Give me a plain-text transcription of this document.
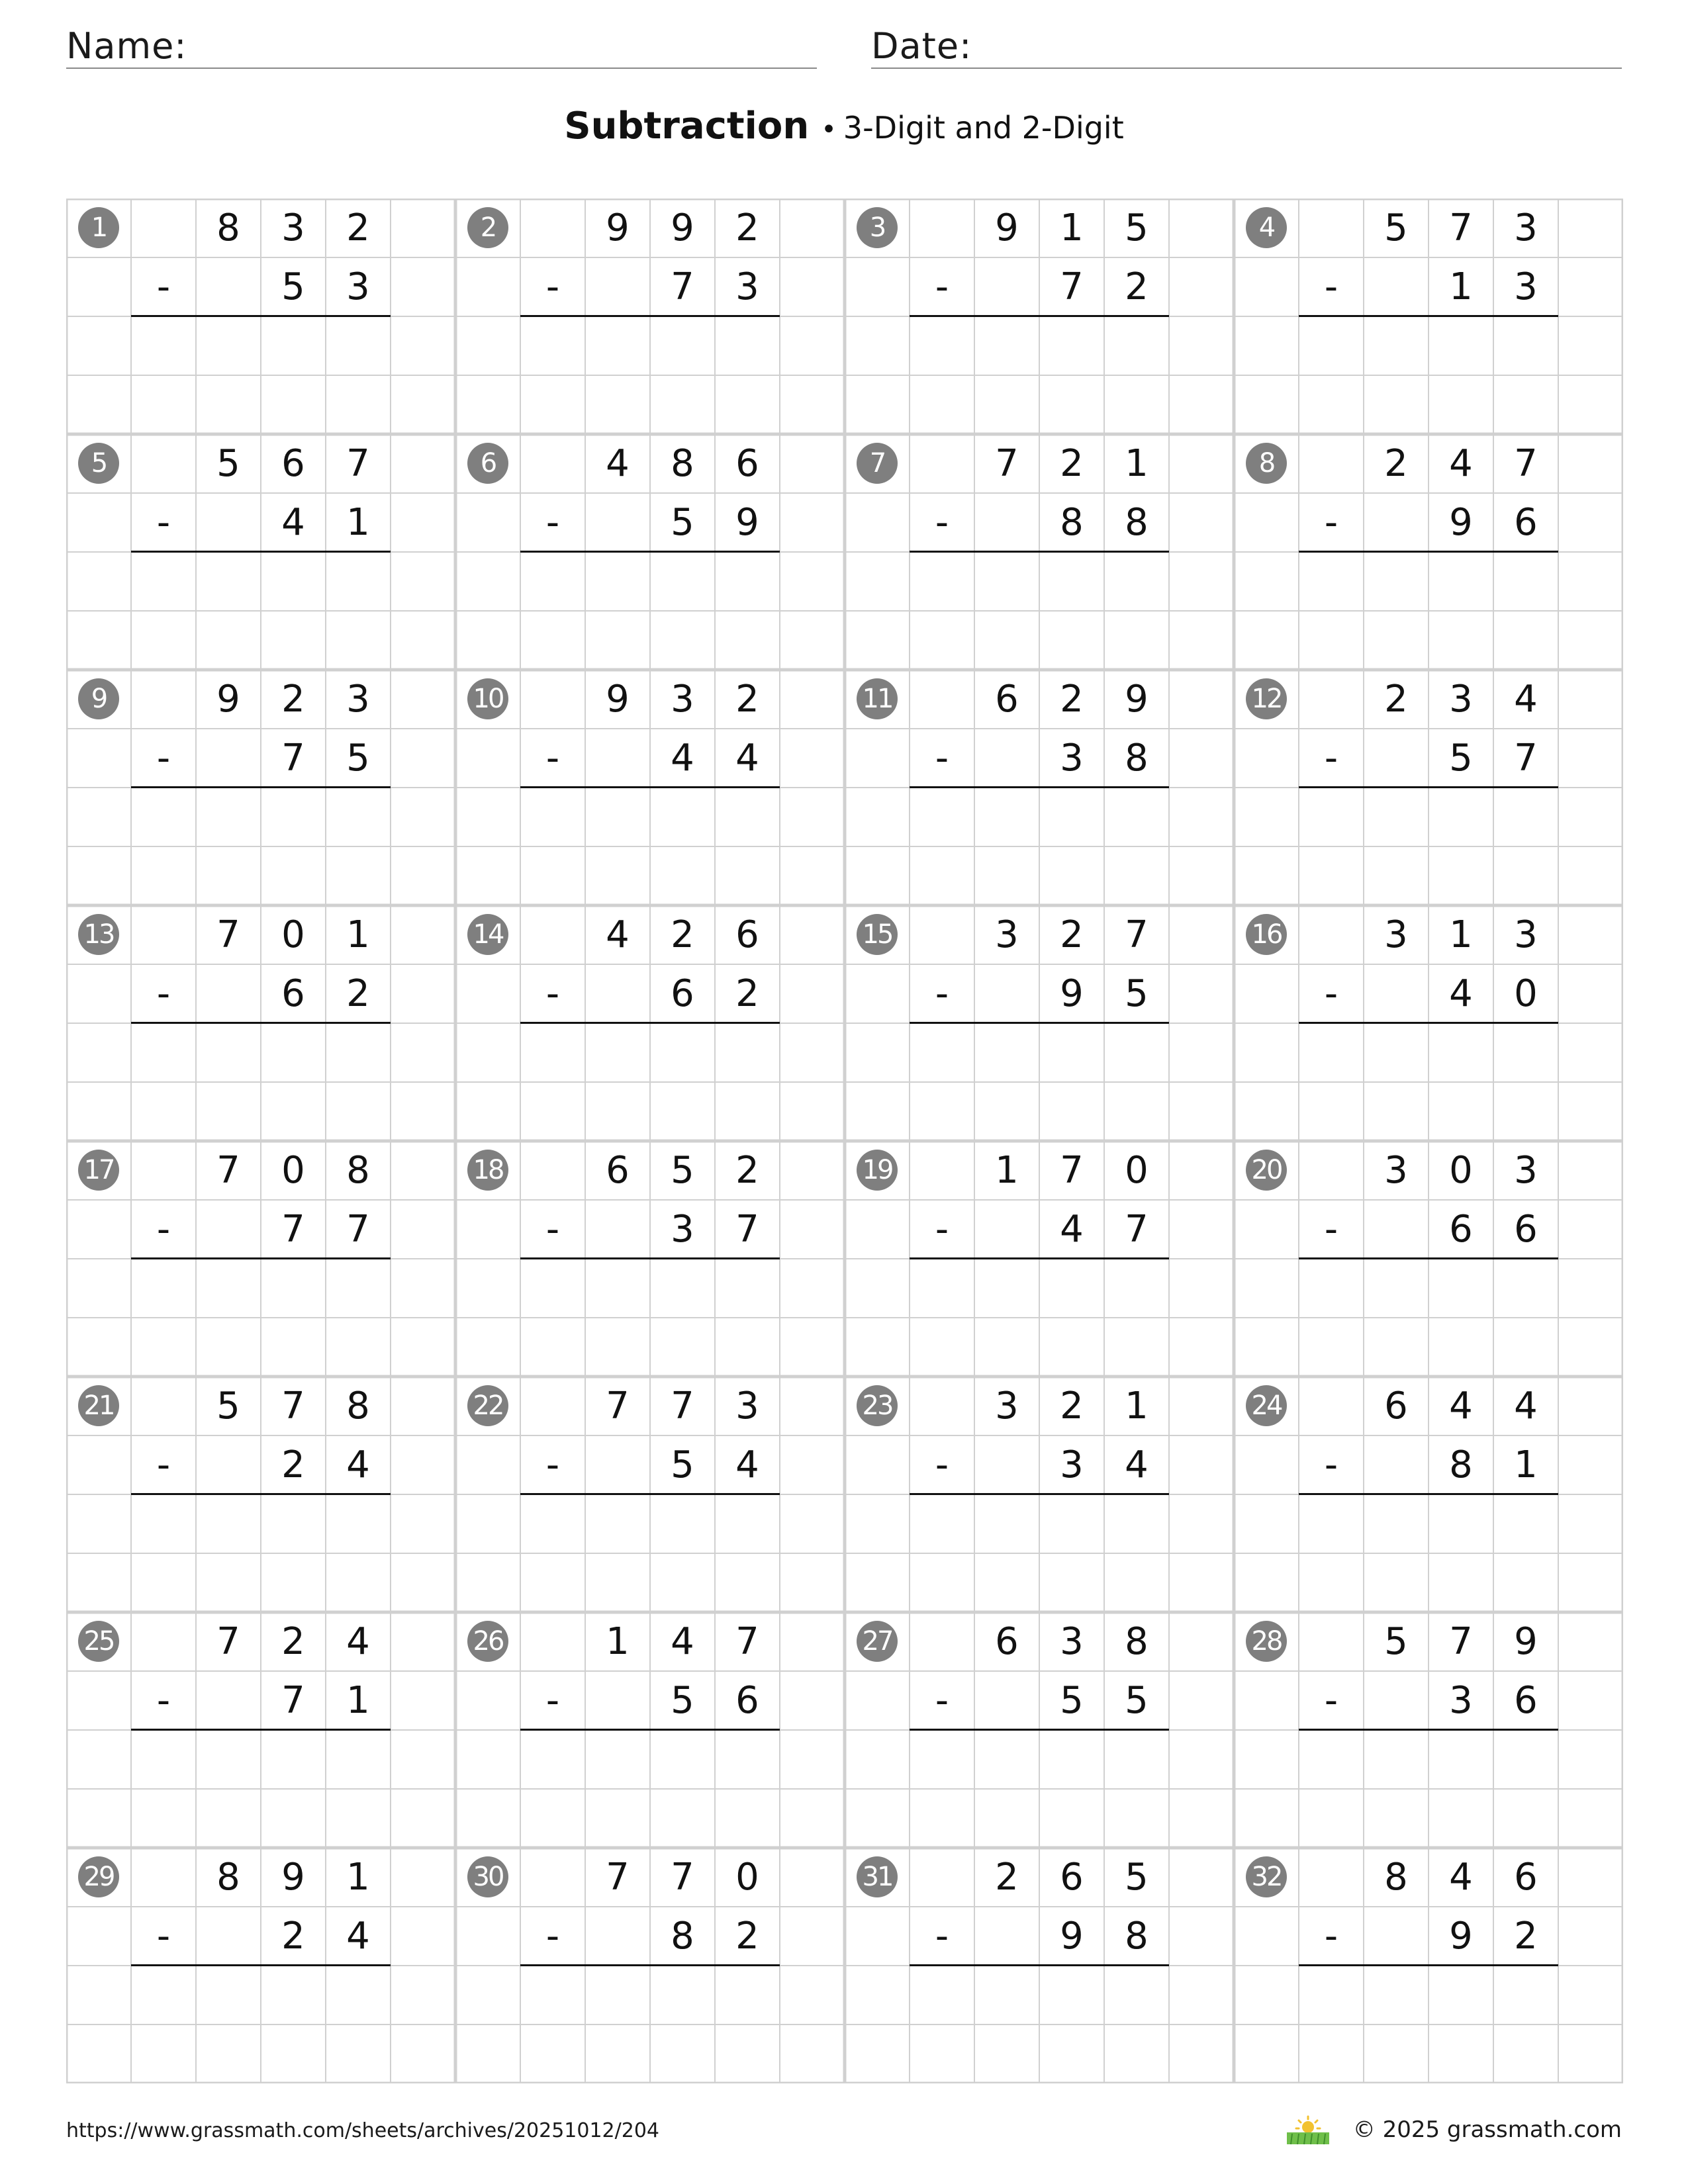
Name:	Date:
Subtraction • 3-Digit and 2-Digit
1	8	3	2
-	5	3
2	9	9	2
-	7	3
3	9	1	5
-	7	2
4	5	7	3
-	1	3
5	5	6	7
-	4	1
6	4	8	6
-	5	9
7	7	2	1
-	8	8
8	2	4	7
-	9	6
9	9	2	3
-	7	5
10	9	3	2
-	4	4
11	6	2	9
-	3	8
12	2	3	4
-	5	7
13	7	0	1
-	6	2
14	4	2	6
-	6	2
15	3	2	7
-	9	5
16	3	1	3
-	4	0
17	7	0	8
-	7	7
18	6	5	2
-	3	7
19	1	7	0
-	4	7
20	3	0	3
-	6	6
21	5	7	8
-	2	4
22	7	7	3
-	5	4
23	3	2	1
-	3	4
24	6	4	4
-	8	1
25	7	2	4
-	7	1
26	1	4	7
-	5	6
27	6	3	8
-	5	5
28	5	7	9
-	3	6
29	8	9	1
-	2	4
30	7	7	0
-	8	2
31	2	6	5
-	9	8
32	8	4	6
-	9	2
https://www.grassmath.com/sheets/archives/20251012/204	© 2025 grassmath.com
